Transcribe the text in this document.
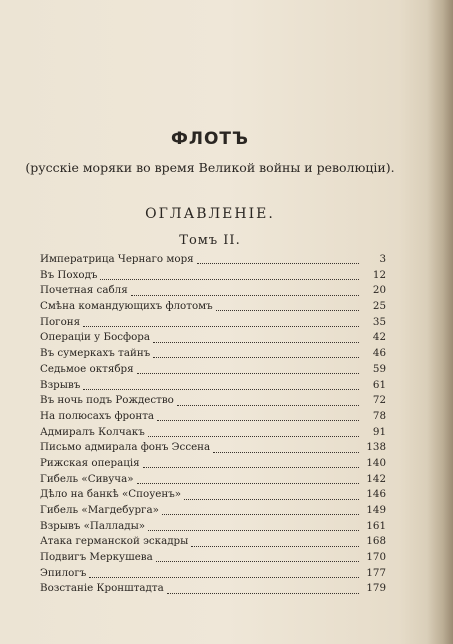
ФЛОТЪ
(русскiе моряки во время Великой войны и революцiи).
ОГЛАВЛЕНIЕ.
Томъ II.
Императрица Чернаго моря	3
Въ Походъ	12
Почетная сабля	20
Смѣна командующихъ флотомъ	25
Погоня	35
Операцiи у Босфора	42
Въ сумеркахъ тайнъ	46
Седьмое октября	59
Взрывъ	61
Въ ночь подъ Рождество	72
На полюсахъ фронта	78
Адмиралъ Колчакъ	91
Письмо адмирала фонъ Эссена	138
Рижская операцiя	140
Гибель «Сивуча»	142
Дѣло на банкѣ «Споуенъ»	146
Гибель «Магдебурга»	149
Взрывъ «Паллады»	161
Атака германской эскадры	168
Подвигъ Меркушева	170
Эпилогъ	177
Возстанiе Кронштадта	179
